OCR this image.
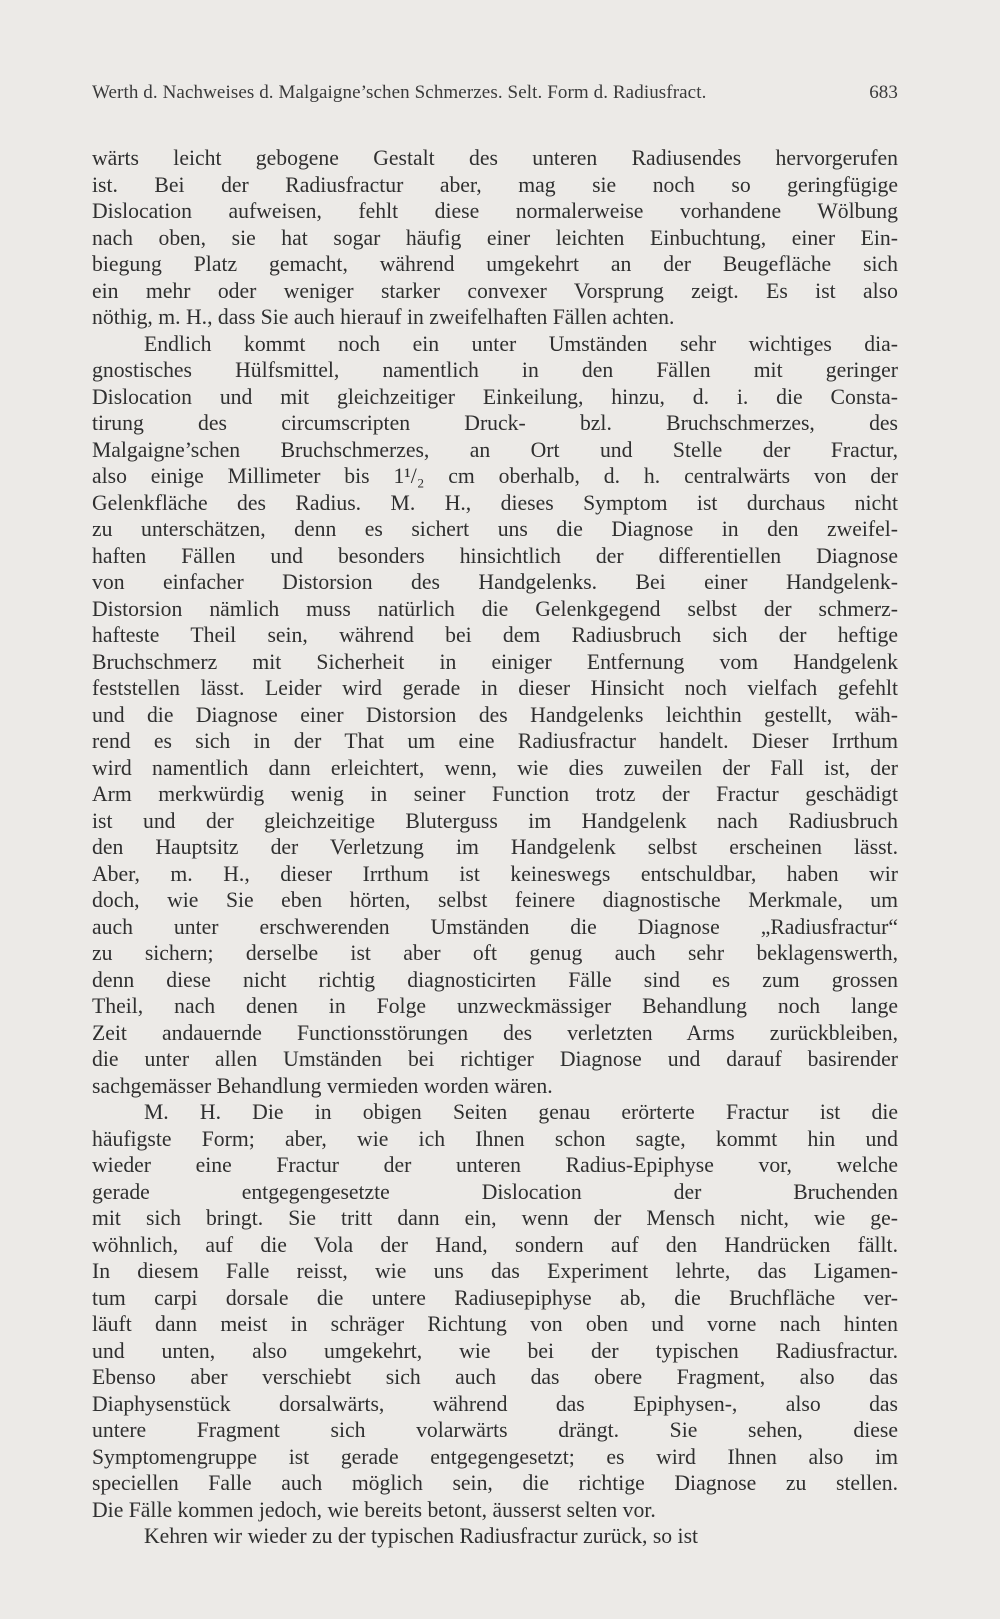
Werth d. Nachweises d. Malgaigne’schen Schmerzes. Selt. Form d. Radiusfract.	683
wärts leicht gebogene Gestalt des unteren Radiusendes hervorgerufen
ist. Bei der Radiusfractur aber, mag sie noch so geringfügige
Dislocation aufweisen, fehlt diese normalerweise vorhandene Wölbung
nach oben, sie hat sogar häufig einer leichten Einbuchtung, einer Ein-
biegung Platz gemacht, während umgekehrt an der Beugefläche sich
ein mehr oder weniger starker convexer Vorsprung zeigt. Es ist also
nöthig, m. H., dass Sie auch hierauf in zweifelhaften Fällen achten.
Endlich kommt noch ein unter Umständen sehr wichtiges dia-
gnostisches Hülfsmittel, namentlich in den Fällen mit geringer
Dislocation und mit gleichzeitiger Einkeilung, hinzu, d. i. die Consta-
tirung des circumscripten Druck- bzl. Bruchschmerzes, des
Malgaigne’schen Bruchschmerzes, an Ort und Stelle der Fractur,
also einige Millimeter bis 1¹/₂ cm oberhalb, d. h. centralwärts von der
Gelenkfläche des Radius. M. H., dieses Symptom ist durchaus nicht
zu unterschätzen, denn es sichert uns die Diagnose in den zweifel-
haften Fällen und besonders hinsichtlich der differentiellen Diagnose
von einfacher Distorsion des Handgelenks. Bei einer Handgelenk-
Distorsion nämlich muss natürlich die Gelenkgegend selbst der schmerz-
hafteste Theil sein, während bei dem Radiusbruch sich der heftige
Bruchschmerz mit Sicherheit in einiger Entfernung vom Handgelenk
feststellen lässt. Leider wird gerade in dieser Hinsicht noch vielfach gefehlt
und die Diagnose einer Distorsion des Handgelenks leichthin gestellt, wäh-
rend es sich in der That um eine Radiusfractur handelt. Dieser Irrthum
wird namentlich dann erleichtert, wenn, wie dies zuweilen der Fall ist, der
Arm merkwürdig wenig in seiner Function trotz der Fractur geschädigt
ist und der gleichzeitige Bluterguss im Handgelenk nach Radiusbruch
den Hauptsitz der Verletzung im Handgelenk selbst erscheinen lässt.
Aber, m. H., dieser Irrthum ist keineswegs entschuldbar, haben wir
doch, wie Sie eben hörten, selbst feinere diagnostische Merkmale, um
auch unter erschwerenden Umständen die Diagnose „Radiusfractur“
zu sichern; derselbe ist aber oft genug auch sehr beklagenswerth,
denn diese nicht richtig diagnosticirten Fälle sind es zum grossen
Theil, nach denen in Folge unzweckmässiger Behandlung noch lange
Zeit andauernde Functionsstörungen des verletzten Arms zurückbleiben,
die unter allen Umständen bei richtiger Diagnose und darauf basirender
sachgemässer Behandlung vermieden worden wären.
M. H. Die in obigen Seiten genau erörterte Fractur ist die
häufigste Form; aber, wie ich Ihnen schon sagte, kommt hin und
wieder eine Fractur der unteren Radius-Epiphyse vor, welche
gerade entgegengesetzte Dislocation der Bruchenden
mit sich bringt. Sie tritt dann ein, wenn der Mensch nicht, wie ge-
wöhnlich, auf die Vola der Hand, sondern auf den Handrücken fällt.
In diesem Falle reisst, wie uns das Experiment lehrte, das Ligamen-
tum carpi dorsale die untere Radiusepiphyse ab, die Bruchfläche ver-
läuft dann meist in schräger Richtung von oben und vorne nach hinten
und unten, also umgekehrt, wie bei der typischen Radiusfractur.
Ebenso aber verschiebt sich auch das obere Fragment, also das
Diaphysenstück dorsalwärts, während das Epiphysen-, also das
untere Fragment sich volarwärts drängt. Sie sehen, diese
Symptomengruppe ist gerade entgegengesetzt; es wird Ihnen also im
speciellen Falle auch möglich sein, die richtige Diagnose zu stellen.
Die Fälle kommen jedoch, wie bereits betont, äusserst selten vor.
Kehren wir wieder zu der typischen Radiusfractur zurück, so ist
